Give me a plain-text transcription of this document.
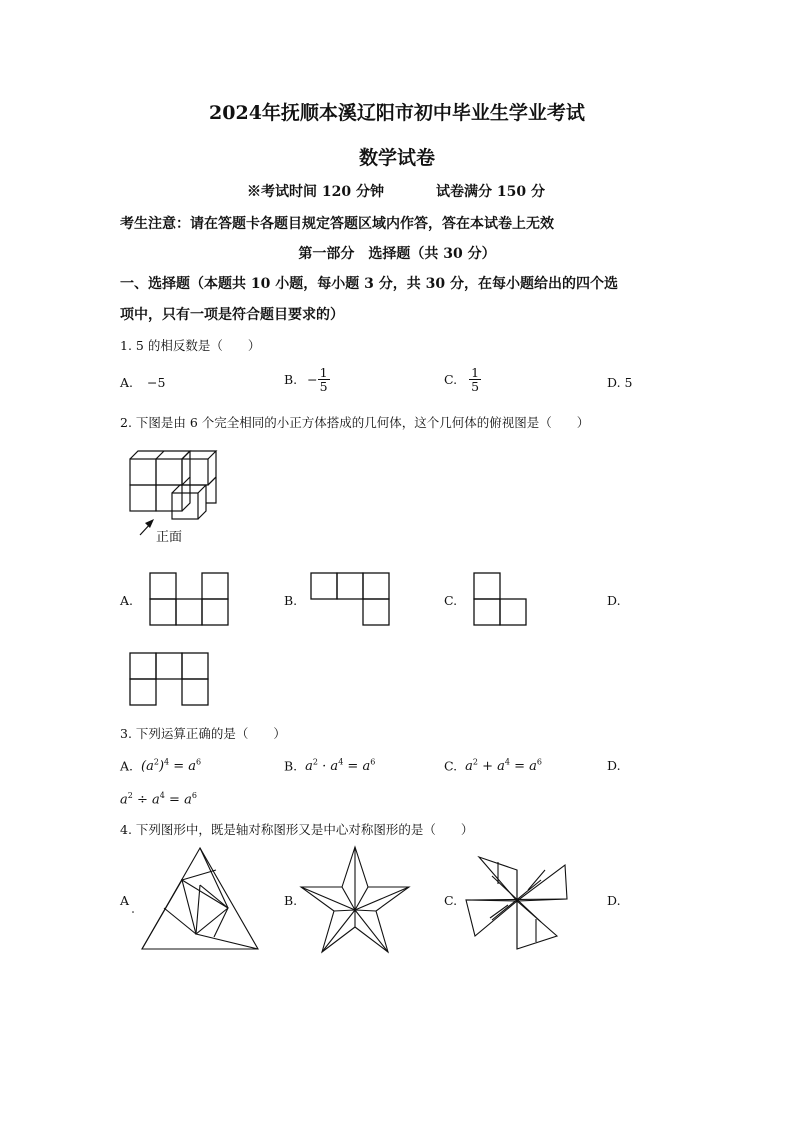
2024年抚顺本溪辽阳市初中毕业生学业考试
数学试卷
※考试时间 120 分钟	试卷满分 150 分
考生注意：请在答题卡各题目规定答题区域内作答，答在本试卷上无效
第一部分　选择题（共 30 分）
一、选择题（本题共 10 小题，每小题 3 分，共 30 分，在每小题给出的四个选
项中，只有一项是符合题目要求的）
1. 5 的相反数是（　　）
A. −5	B. − $\frac{1}{5}$	C. $\frac{1}{5}$	D. 5
2. 下图是由 6 个完全相同的小正方体搭成的几何体，这个几何体的俯视图是（　　）
正面
A.	B.	C.	D.
3. 下列运算正确的是（　　）
A. $(a^2)^4 = a^6$	B. $a^2 \cdot a^4 = a^6$	C. $a^2 + a^4 = a^6$	D.
$a^2 \div a^4 = a^6$
4. 下列图形中，既是轴对称图形又是中心对称图形的是（　　）
A	B.	C.	D.
